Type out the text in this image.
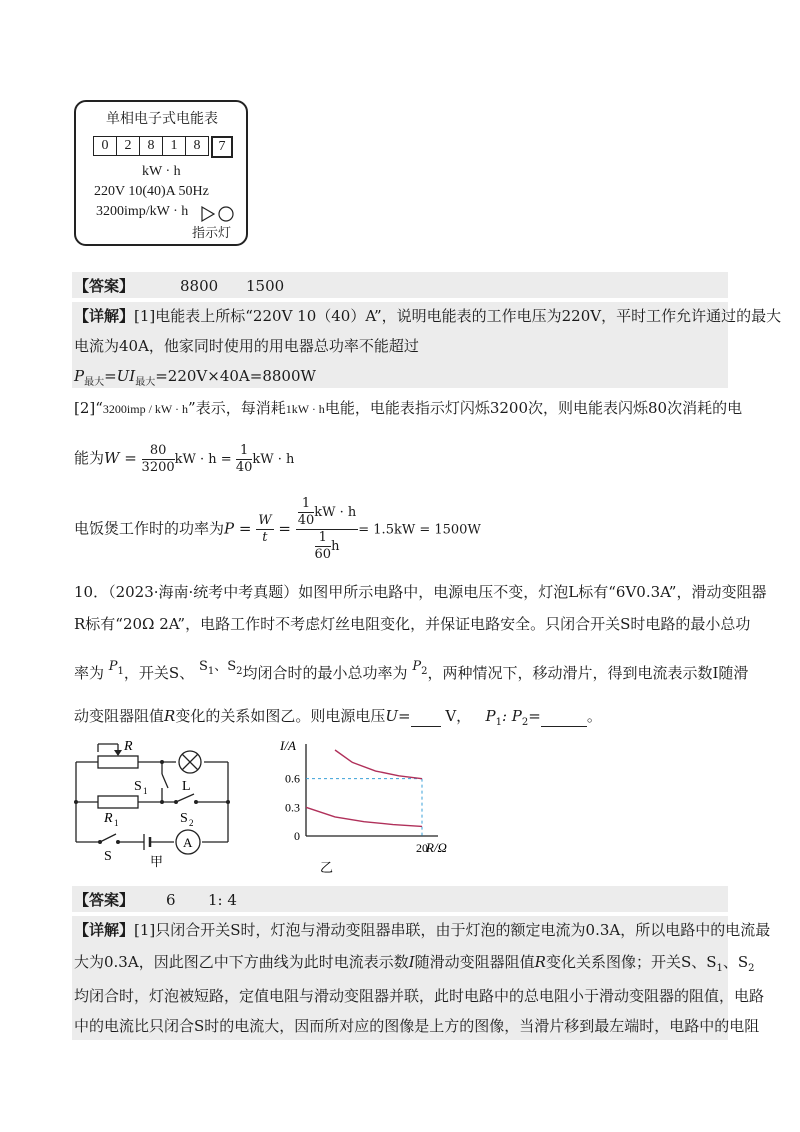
单相电子式电能表
0	2	8	1	8	7
kW · h
220V 10(40)A 50Hz
3200imp/kW · h
指示灯
【答案】	8800 1500
【详解】[1]电能表上所标“220V 10（40）A”，说明电能表的工作电压为220V，平时工作允许通过的最大
电流为40A，他家同时使用的用电器总功率不能超过
$P_{最大}=UI_{最大}=220V\times 40A=8800W$
[2]“3200imp / kW · h”表示，每消耗1kW · h电能，电能表指示灯闪烁3200次，则电能表闪烁80次消耗的电
能为$W = \frac{80}{3200}$ kW · $h = \frac{1}{40}$ kW · h
电饭煲工作时的功率为$P = \frac{W}{t} = \frac{\frac{1}{40} kW \cdot h}{\frac{1}{60} h} = 1.5kW = 1500W$
10．（2023·海南·统考中考真题）如图甲所示电路中，电源电压不变，灯泡L标有“6V0.3A”，滑动变阻器
R标有“20Ω 2A”，电路工作时不考虑灯丝电阻变化，并保证电路安全。只闭合开关S时电路的最小总功
率为 $P_1$，开关S、 $S_1$、$S_2$均闭合时的最小总功率为 $P_2$，两种情况下，移动滑片，得到电流表示数I随滑
动变阻器阻值R变化的关系如图乙。则电源电压U= V， $P_1$: $P_2=$	。
R
L
S 1
R 1	S 2
S
A
甲
I/A
R/Ω
0.6
0.3
0
20
乙
【答案】 6 1: 4
【详解】[1]只闭合开关S时，灯泡与滑动变阻器串联，由于灯泡的额定电流为0.3A，所以电路中的电流最
大为0.3A，因此图乙中下方曲线为此时电流表示数I随滑动变阻器阻值R变化关系图像；开关S、$S_1$、$S_2$
均闭合时，灯泡被短路，定值电阻与滑动变阻器并联，此时电路中的总电阻小于滑动变阻器的阻值，电路
中的电流比只闭合S时的电流大，因而所对应的图像是上方的图像，当滑片移到最左端时，电路中的电阻
